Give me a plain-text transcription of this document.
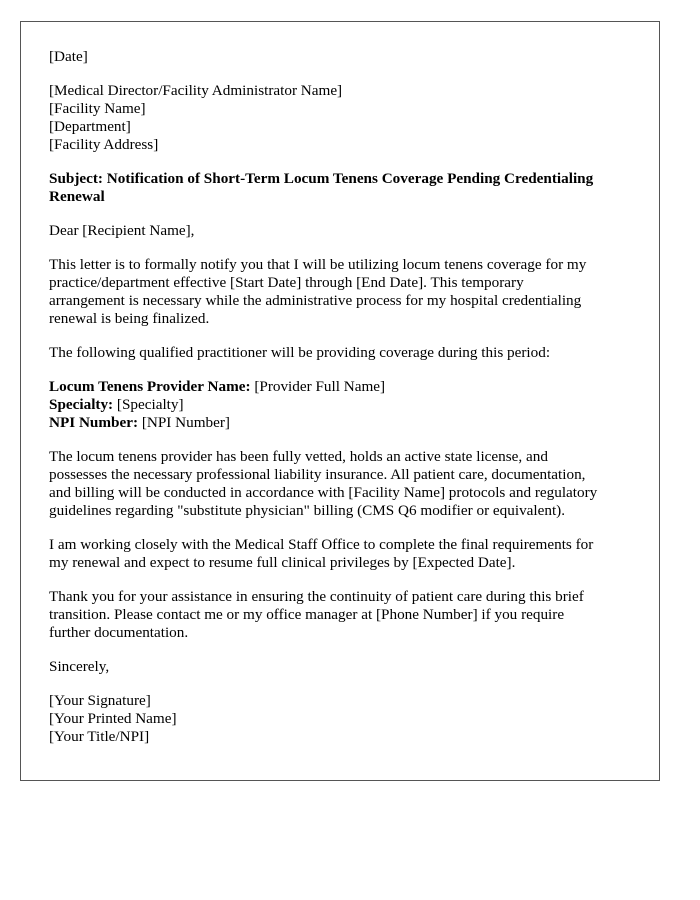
[Date]
[Medical Director/Facility Administrator Name]
[Facility Name]
[Department]
[Facility Address]
Subject: Notification of Short-Term Locum Tenens Coverage Pending Credentialing
Renewal
Dear [Recipient Name],
This letter is to formally notify you that I will be utilizing locum tenens coverage for my
practice/department effective [Start Date] through [End Date]. This temporary
arrangement is necessary while the administrative process for my hospital credentialing
renewal is being finalized.
The following qualified practitioner will be providing coverage during this period:
Locum Tenens Provider Name: [Provider Full Name]
Specialty: [Specialty]
NPI Number: [NPI Number]
The locum tenens provider has been fully vetted, holds an active state license, and
possesses the necessary professional liability insurance. All patient care, documentation,
and billing will be conducted in accordance with [Facility Name] protocols and regulatory
guidelines regarding "substitute physician" billing (CMS Q6 modifier or equivalent).
I am working closely with the Medical Staff Office to complete the final requirements for
my renewal and expect to resume full clinical privileges by [Expected Date].
Thank you for your assistance in ensuring the continuity of patient care during this brief
transition. Please contact me or my office manager at [Phone Number] if you require
further documentation.
Sincerely,
[Your Signature]
[Your Printed Name]
[Your Title/NPI]
